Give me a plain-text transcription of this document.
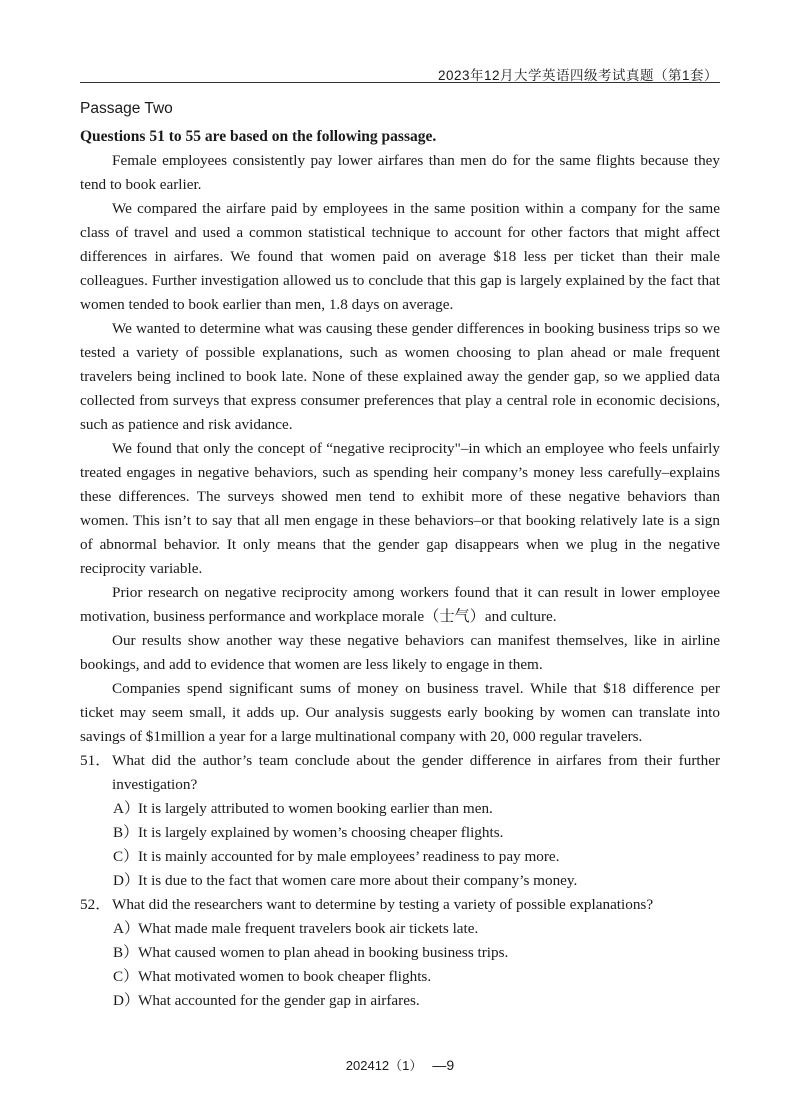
2023年12月大学英语四级考试真题（第1套）

Passage Two

Questions 51 to 55 are based on the following passage.

Female employees consistently pay lower airfares than men do for the same flights because they tend to book earlier.

We compared the airfare paid by employees in the same position within a company for the same class of travel and used a common statistical technique to account for other factors that might affect differences in airfares. We found that women paid on average $18 less per ticket than their male colleagues. Further investigation allowed us to conclude that this gap is largely explained by the fact that women tended to book earlier than men, 1.8 days on average.

We wanted to determine what was causing these gender differences in booking business trips so we tested a variety of possible explanations, such as women choosing to plan ahead or male frequent travelers being inclined to book late. None of these explained away the gender gap, so we applied data collected from surveys that express consumer preferences that play a central role in economic decisions, such as patience and risk avidance.

We found that only the concept of “negative reciprocity"–in which an employee who feels unfairly treated engages in negative behaviors, such as spending heir company’s money less carefully–explains these differences. The surveys showed men tend to exhibit more of these negative behaviors than women. This isn’t to say that all men engage in these behaviors–or that booking relatively late is a sign of abnormal behavior. It only means that the gender gap disappears when we plug in the negative reciprocity variable.

Prior research on negative reciprocity among workers found that it can result in lower employee motivation, business performance and workplace morale（士气）and culture.

Our results show another way these negative behaviors can manifest themselves, like in airline bookings, and add to evidence that women are less likely to engage in them.

Companies spend significant sums of money on business travel. While that $18 difference per ticket may seem small, it adds up. Our analysis suggests early booking by women can translate into savings of $1million a year for a large multinational company with 20, 000 regular travelers.

51． What did the author’s team conclude about the gender difference in airfares from their further investigation?
A）
It is largely attributed to women booking earlier than men.
B） It is largely explained by women’s choosing cheaper flights.
C） It is mainly accounted for by male employees’ readiness to pay more.
D）
It is due to the fact that women care more about their company’s money.
52． What did the researchers want to determine by testing a variety of possible explanations?
A）
What made male frequent travelers book air tickets late.
B） What caused women to plan ahead in booking business trips.
C） What motivated women to book cheaper flights.
D）
What accounted for the gender gap in airfares.
202412（1） —9
